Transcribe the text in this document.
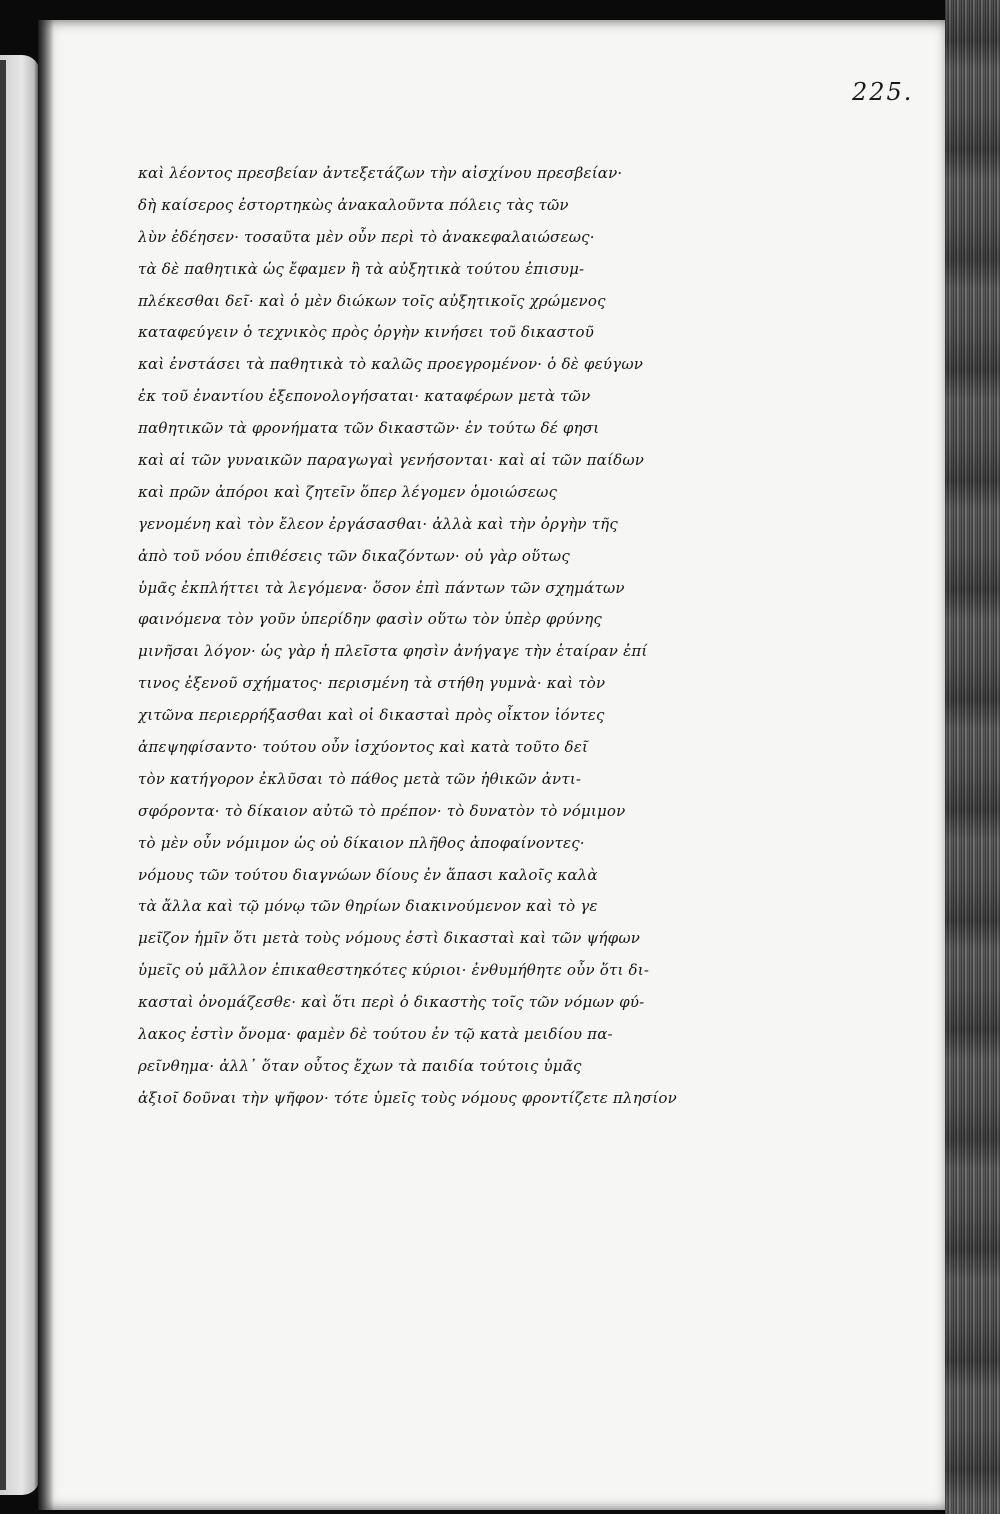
225.
καὶ λέοντος πρεσβείαν ἀντεξετάζων τὴν αἰσχίνου πρεσβείαν·
δὴ καίσερος ἐστορτηκὼς ἀνακαλοῦντα πόλεις τὰς τῶν
λὺν ἐδέησεν· τοσαῦτα μὲν οὖν περὶ τὸ ἀνακεφαλαιώσεως·
τὰ δὲ παθητικὰ ὡς ἔφαμεν ἢ τὰ αὐξητικὰ τούτου ἐπισυμ-
πλέκεσθαι δεῖ· καὶ ὁ μὲν διώκων τοῖς αὐξητικοῖς χρώμενος
καταφεύγειν ὁ τεχνικὸς πρὸς ὀργὴν κινήσει τοῦ δικαστοῦ
καὶ ἐνστάσει τὰ παθητικὰ τὸ καλῶς προεγρομένον· ὁ δὲ φεύγων
ἐκ τοῦ ἐναντίου ἐξεπονολογήσαται· καταφέρων μετὰ τῶν
παθητικῶν τὰ φρονήματα τῶν δικαστῶν· ἐν τούτω δέ φησι
καὶ αἱ τῶν γυναικῶν παραγωγαὶ γενήσονται· καὶ αἱ τῶν παίδων
καὶ πρῶν ἀπόροι καὶ ζητεῖν ὅπερ λέγομεν ὁμοιώσεως
γενομένη καὶ τὸν ἔλεον ἐργάσασθαι· ἀλλὰ καὶ τὴν ὀργὴν τῆς
ἀπὸ τοῦ νόου ἐπιθέσεις τῶν δικαζόντων· οὐ γὰρ οὕτως
ὑμᾶς ἐκπλήττει τὰ λεγόμενα· ὅσον ἐπὶ πάντων τῶν σχημάτων
φαινόμενα τὸν γοῦν ὑπερίδην φασὶν οὕτω τὸν ὑπὲρ φρύνης
μινῆσαι λόγον· ὡς γὰρ ἡ πλεῖστα φησὶν ἀνήγαγε τὴν ἑταίραν ἐπί
τινος ἐξενοῦ σχήματος· περισμένη τὰ στήθη γυμνὰ· καὶ τὸν
χιτῶνα περιερρήξασθαι καὶ οἱ δικασταὶ πρὸς οἶκτον ἰόντες
ἀπεψηφίσαντο· τούτου οὖν ἰσχύοντος καὶ κατὰ τοῦτο δεῖ
τὸν κατήγορον ἐκλῦσαι τὸ πάθος μετὰ τῶν ἠθικῶν ἀντι-
σφόροντα· τὸ δίκαιον αὐτῶ τὸ πρέπον· τὸ δυνατὸν τὸ νόμιμον
τὸ μὲν οὖν νόμιμον ὡς οὐ δίκαιον πλῆθος ἀποφαίνοντες·
νόμους τῶν τούτου διαγνώων δίους ἐν ἅπασι καλοῖς καλὰ
τὰ ἄλλα καὶ τῷ μόνῳ τῶν θηρίων διακινούμενον καὶ τὸ γε
μεῖζον ἡμῖν ὅτι μετὰ τοὺς νόμους ἐστὶ δικασταὶ καὶ τῶν ψήφων
ὑμεῖς οὐ μᾶλλον ἐπικαθεστηκότες κύριοι· ἐνθυμήθητε οὖν ὅτι δι-
κασταὶ ὀνομάζεσθε· καὶ ὅτι περὶ ὁ δικαστὴς τοῖς τῶν νόμων φύ-
λακος ἐστὶν ὄνομα· φαμὲν δὲ τούτου ἐν τῷ κατὰ μειδίου πα-
ρεῖνθημα· ἀλλ᾽ ὅταν οὗτος ἔχων τὰ παιδία τούτοις ὑμᾶς
ἀξιοῖ δοῦναι τὴν ψῆφον· τότε ὑμεῖς τοὺς νόμους φροντίζετε πλησίον
